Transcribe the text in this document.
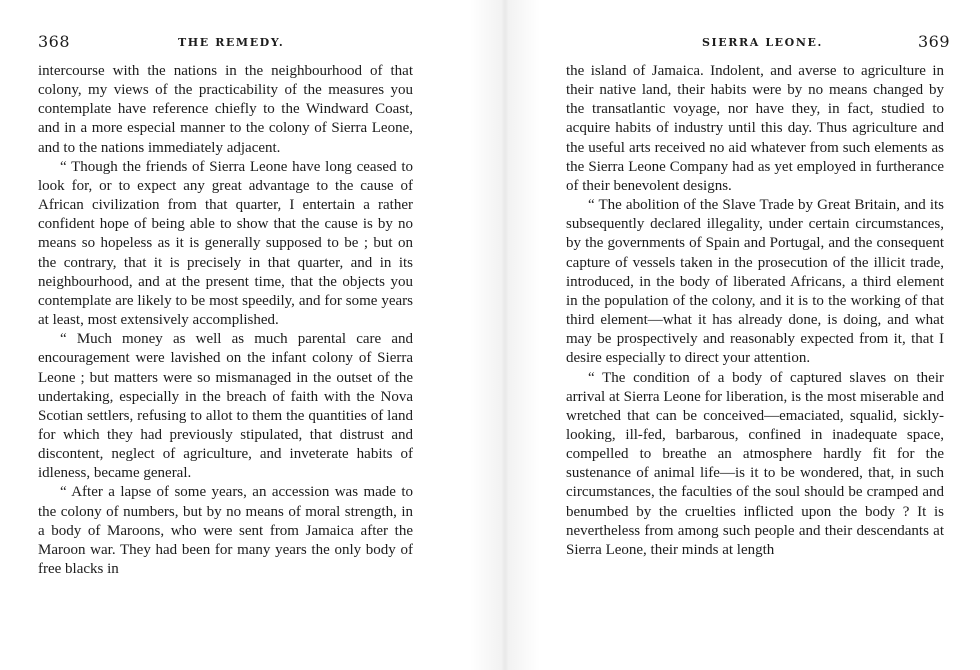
368	THE REMEDY.

intercourse with the nations in the neighbourhood of that colony, my views of the practicability of the measures you contemplate have reference chiefly to the Windward Coast, and in a more especial manner to the colony of Sierra Leone, and to the nations immediately adjacent.

“ Though the friends of Sierra Leone have long ceased to look for, or to expect any great advantage to the cause of African civilization from that quarter, I entertain a rather confident hope of being able to show that the cause is by no means so hopeless as it is generally supposed to be ; but on the contrary, that it is precisely in that quarter, and in its neighbourhood, and at the present time, that the objects you contemplate are likely to be most speedily, and for some years at least, most extensively accomplished.

“ Much money as well as much parental care and encouragement were lavished on the infant colony of Sierra Leone ; but matters were so mismanaged in the outset of the undertaking, especially in the breach of faith with the Nova Scotian settlers, refusing to allot to them the quantities of land for which they had previously stipulated, that distrust and discontent, neglect of agriculture, and inveterate habits of idleness, became general.

“ After a lapse of some years, an accession was made to the colony of numbers, but by no means of moral strength, in a body of Maroons, who were sent from Jamaica after the Maroon war. They had been for many years the only body of free blacks in

SIERRA LEONE.	369

the island of Jamaica. Indolent, and averse to agriculture in their native land, their habits were by no means changed by the transatlantic voyage, nor have they, in fact, studied to acquire habits of industry until this day. Thus agriculture and the useful arts received no aid whatever from such elements as the Sierra Leone Company had as yet employed in furtherance of their benevolent designs.

“ The abolition of the Slave Trade by Great Britain, and its subsequently declared illegality, under certain circumstances, by the governments of Spain and Portugal, and the consequent capture of vessels taken in the prosecution of the illicit trade, introduced, in the body of liberated Africans, a third element in the population of the colony, and it is to the working of that third element—what it has already done, is doing, and what may be prospectively and reasonably expected from it, that I desire especially to direct your attention.

“ The condition of a body of captured slaves on their arrival at Sierra Leone for liberation, is the most miserable and wretched that can be conceived—emaciated, squalid, sickly-looking, ill-fed, barbarous, confined in inadequate space, compelled to breathe an atmosphere hardly fit for the sustenance of animal life—is it to be wondered, that, in such circumstances, the faculties of the soul should be cramped and benumbed by the cruelties inflicted upon the body ? It is nevertheless from among such people and their descendants at Sierra Leone, their minds at length
